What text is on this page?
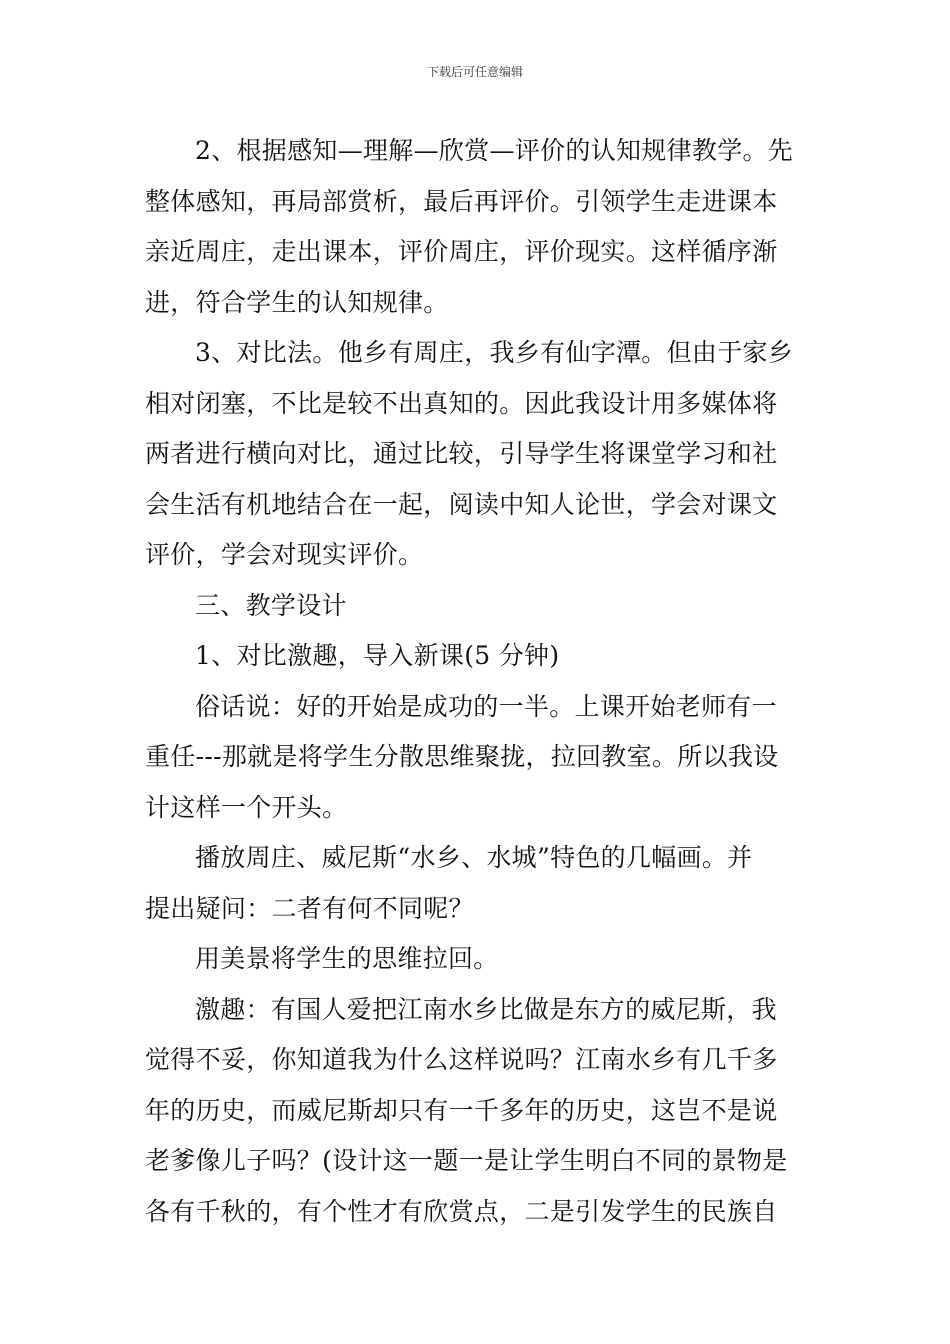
下载后可任意编辑
2、根据感知—理解—欣赏—评价的认知规律教学。先
整体感知，再局部赏析，最后再评价。引领学生走进课本
亲近周庄，走出课本，评价周庄，评价现实。这样循序渐
进，符合学生的认知规律。
3、对比法。他乡有周庄，我乡有仙字潭。但由于家乡
相对闭塞，不比是较不出真知的。因此我设计用多媒体将
两者进行横向对比，通过比较，引导学生将课堂学习和社
会生活有机地结合在一起，阅读中知人论世，学会对课文
评价，学会对现实评价。
三、教学设计
1、对比激趣，导入新课(5 分钟)
俗话说：好的开始是成功的一半。上课开始老师有一
重任---那就是将学生分散思维聚拢，拉回教室。所以我设
计这样一个开头。
播放周庄、威尼斯“水乡、水城”特色的几幅画。并
提出疑问：二者有何不同呢？
用美景将学生的思维拉回。
激趣：有国人爱把江南水乡比做是东方的威尼斯，我
觉得不妥，你知道我为什么这样说吗？江南水乡有几千多
年的历史，而威尼斯却只有一千多年的历史，这岂不是说
老爹像儿子吗？(设计这一题一是让学生明白不同的景物是
各有千秋的，有个性才有欣赏点，二是引发学生的民族自
